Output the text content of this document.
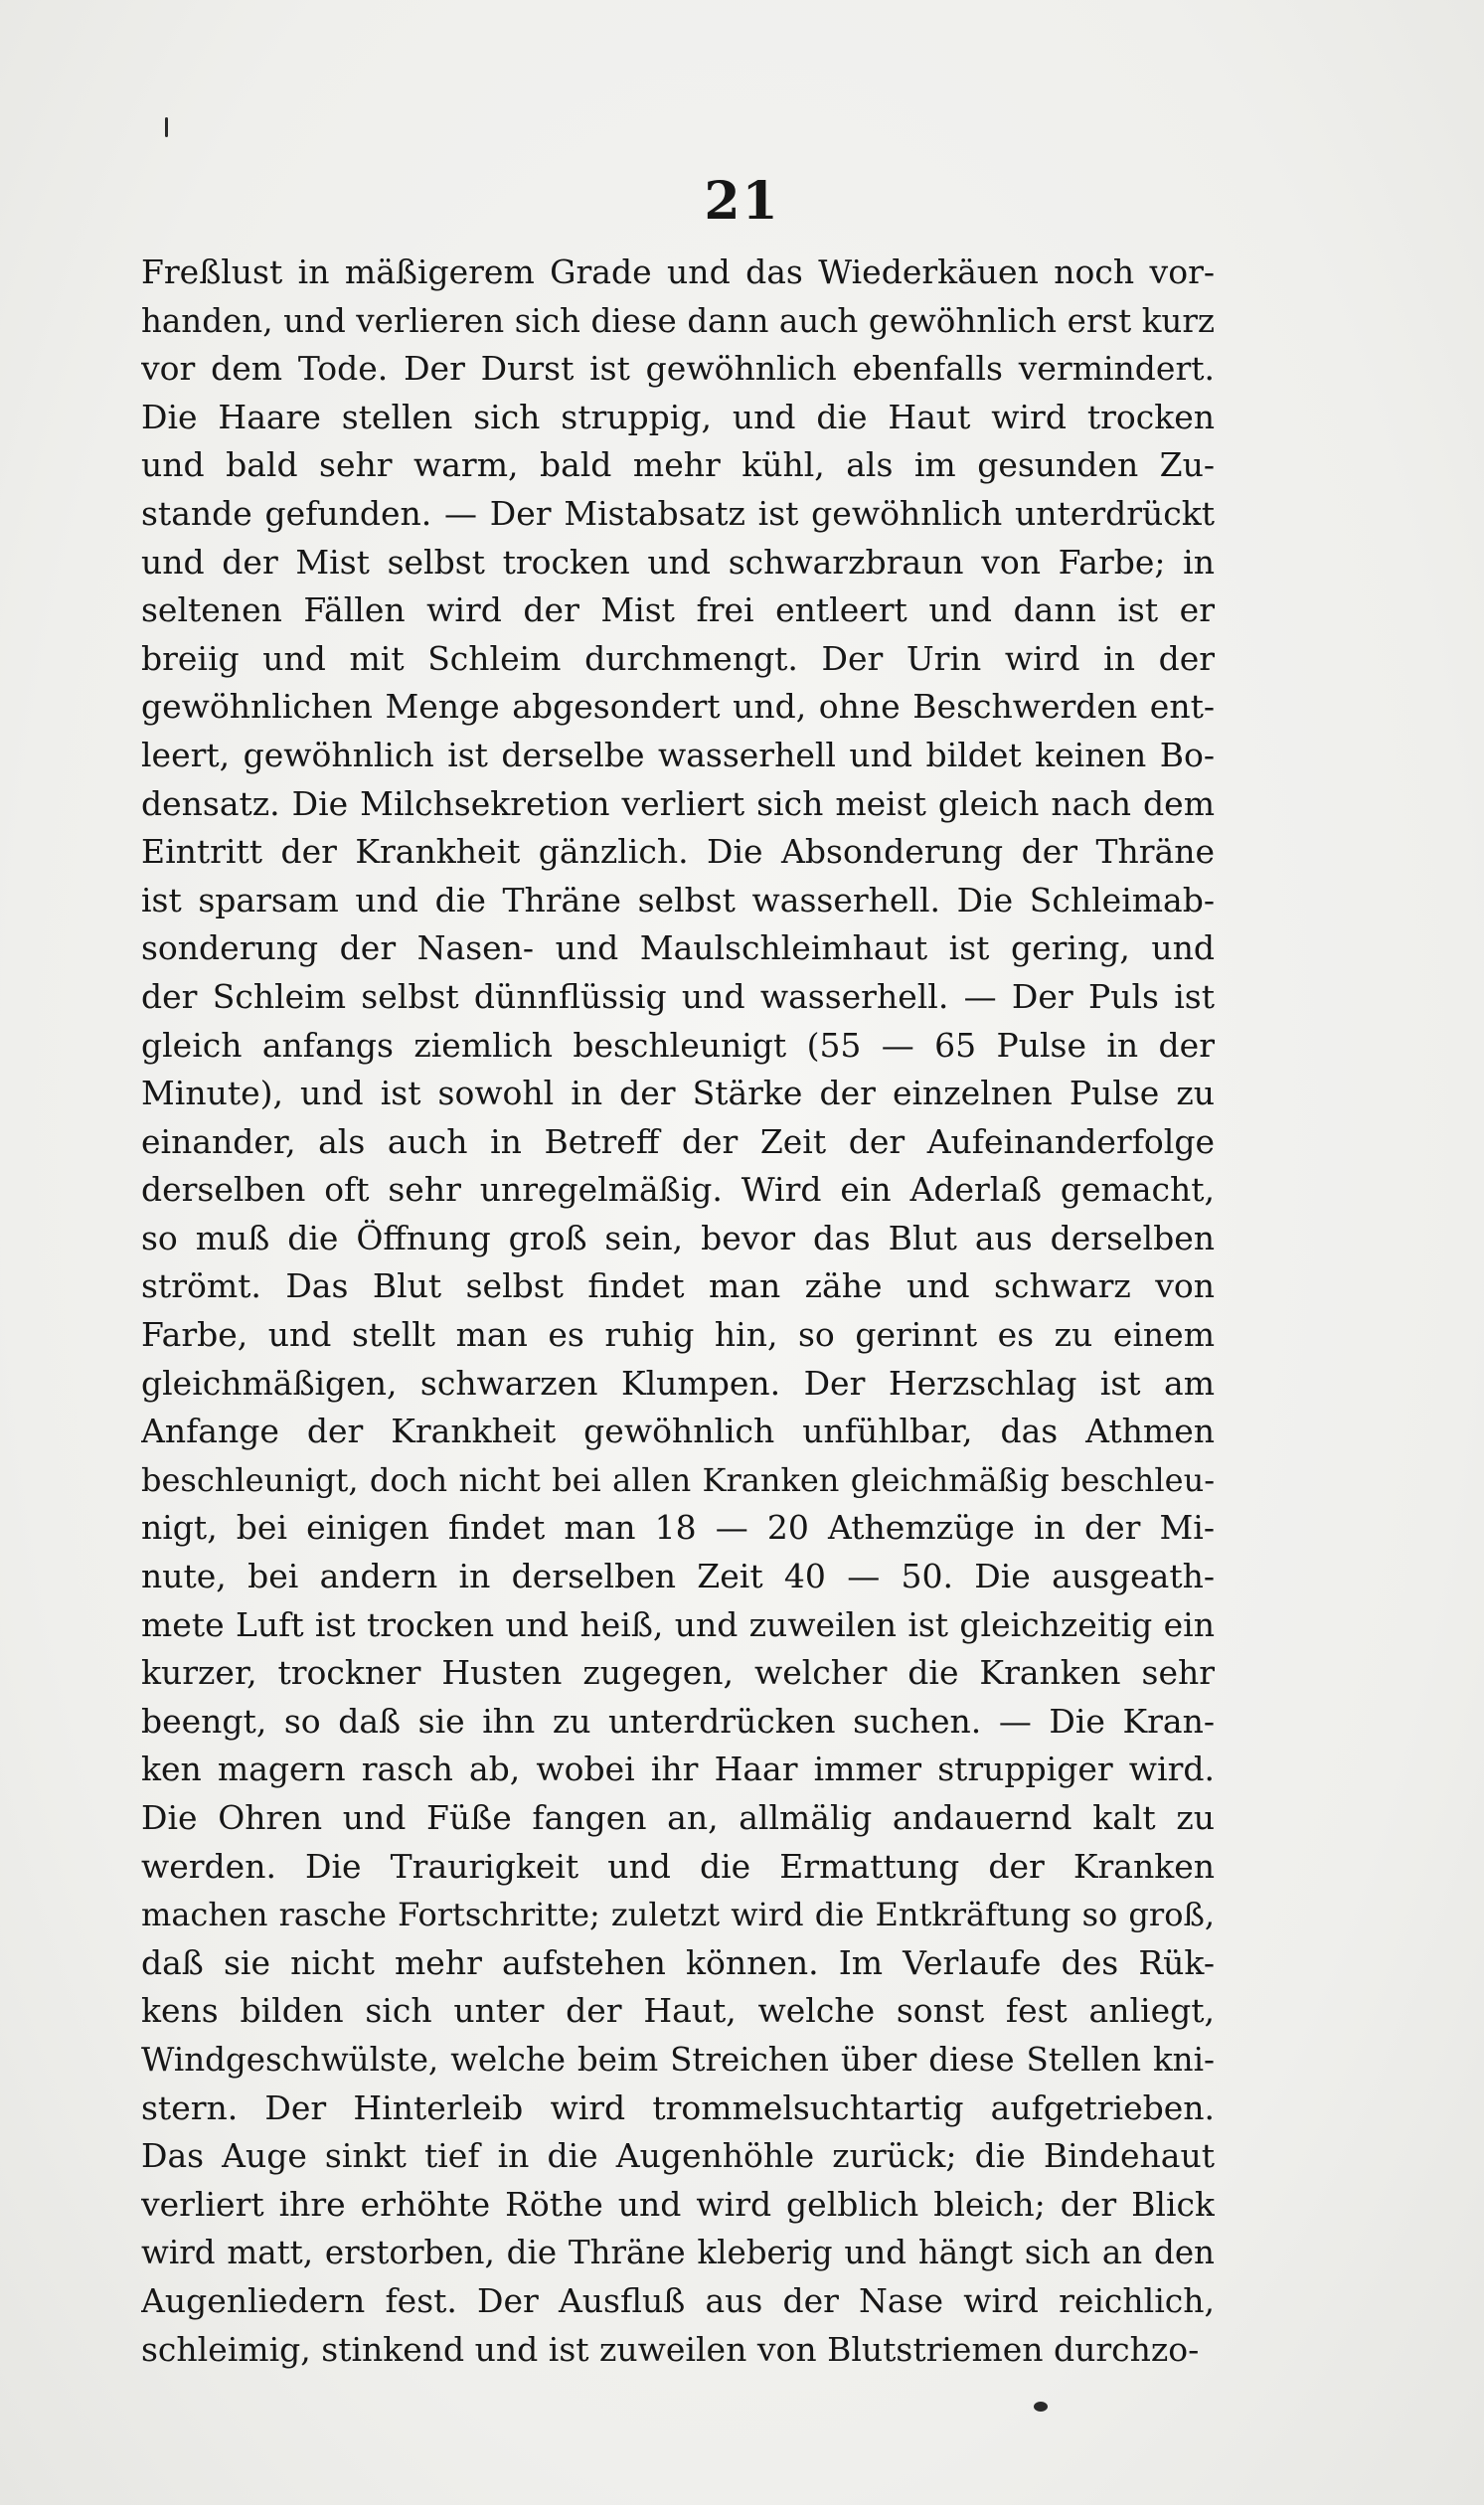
21
Freßlust in mäßigerem Grade und das Wiederkäuen noch vor-
handen, und verlieren sich diese dann auch gewöhnlich erst kurz
vor dem Tode. Der Durst ist gewöhnlich ebenfalls vermindert.
Die Haare stellen sich struppig, und die Haut wird trocken
und bald sehr warm, bald mehr kühl, als im gesunden Zu-
stande gefunden. — Der Mistabsatz ist gewöhnlich unterdrückt
und der Mist selbst trocken und schwarzbraun von Farbe; in
seltenen Fällen wird der Mist frei entleert und dann ist er
breiig und mit Schleim durchmengt. Der Urin wird in der
gewöhnlichen Menge abgesondert und, ohne Beschwerden ent-
leert, gewöhnlich ist derselbe wasserhell und bildet keinen Bo-
densatz. Die Milchsekretion verliert sich meist gleich nach dem
Eintritt der Krankheit gänzlich. Die Absonderung der Thräne
ist sparsam und die Thräne selbst wasserhell. Die Schleimab-
sonderung der Nasen- und Maulschleimhaut ist gering, und
der Schleim selbst dünnflüssig und wasserhell. — Der Puls ist
gleich anfangs ziemlich beschleunigt (55 — 65 Pulse in der
Minute), und ist sowohl in der Stärke der einzelnen Pulse zu
einander, als auch in Betreff der Zeit der Aufeinanderfolge
derselben oft sehr unregelmäßig. Wird ein Aderlaß gemacht,
so muß die Öffnung groß sein, bevor das Blut aus derselben
strömt. Das Blut selbst findet man zähe und schwarz von
Farbe, und stellt man es ruhig hin, so gerinnt es zu einem
gleichmäßigen, schwarzen Klumpen. Der Herzschlag ist am
Anfange der Krankheit gewöhnlich unfühlbar, das Athmen
beschleunigt, doch nicht bei allen Kranken gleichmäßig beschleu-
nigt, bei einigen findet man 18 — 20 Athemzüge in der Mi-
nute, bei andern in derselben Zeit 40 — 50. Die ausgeath-
mete Luft ist trocken und heiß, und zuweilen ist gleichzeitig ein
kurzer, trockner Husten zugegen, welcher die Kranken sehr
beengt, so daß sie ihn zu unterdrücken suchen. — Die Kran-
ken magern rasch ab, wobei ihr Haar immer struppiger wird.
Die Ohren und Füße fangen an, allmälig andauernd kalt zu
werden. Die Traurigkeit und die Ermattung der Kranken
machen rasche Fortschritte; zuletzt wird die Entkräftung so groß,
daß sie nicht mehr aufstehen können. Im Verlaufe des Rük-
kens bilden sich unter der Haut, welche sonst fest anliegt,
Windgeschwülste, welche beim Streichen über diese Stellen kni-
stern. Der Hinterleib wird trommelsuchtartig aufgetrieben.
Das Auge sinkt tief in die Augenhöhle zurück; die Bindehaut
verliert ihre erhöhte Röthe und wird gelblich bleich; der Blick
wird matt, erstorben, die Thräne kleberig und hängt sich an den
Augenliedern fest. Der Ausfluß aus der Nase wird reichlich,
schleimig, stinkend und ist zuweilen von Blutstriemen durchzo-
